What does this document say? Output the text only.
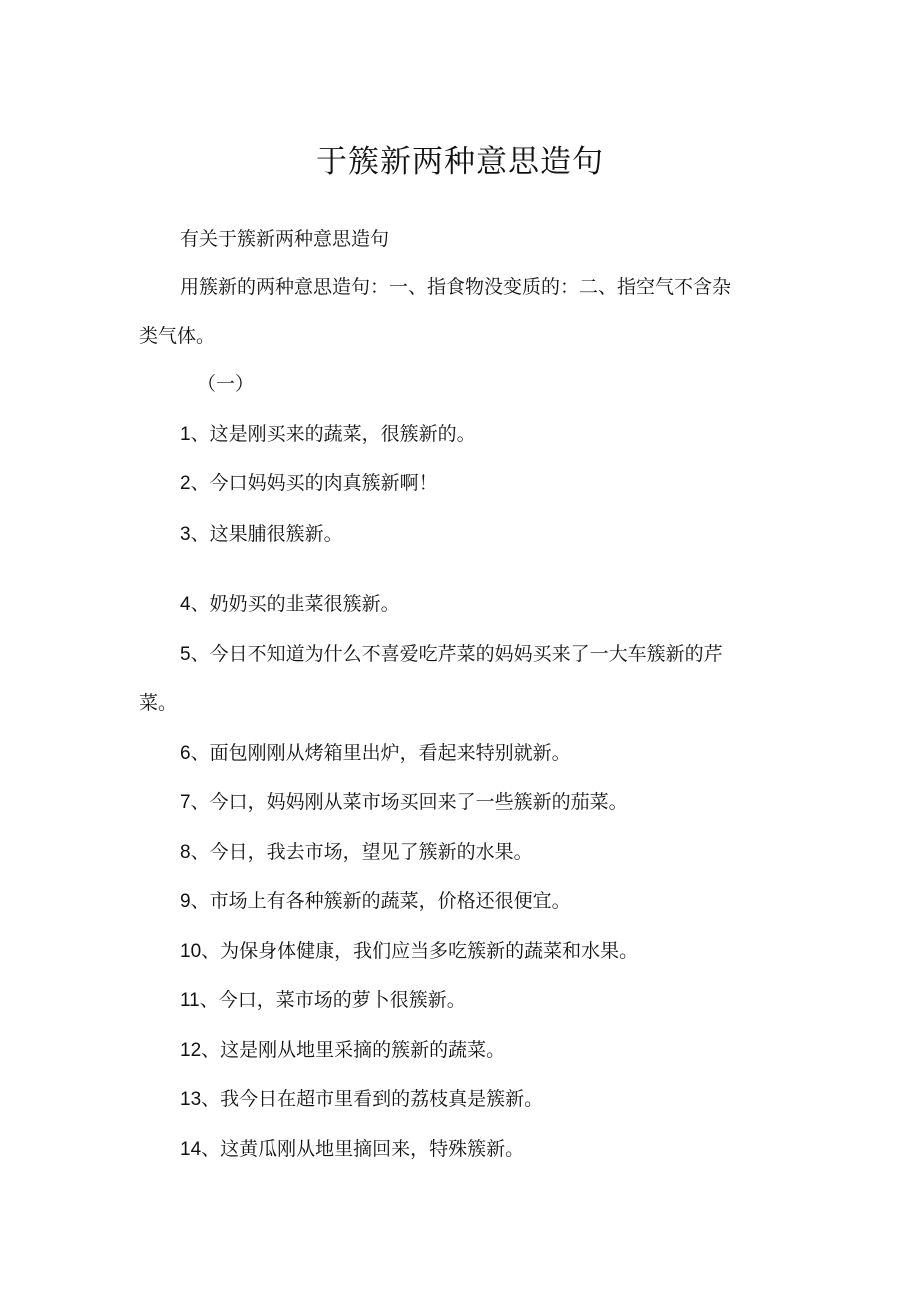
于簇新两种意思造句
有关于簇新两种意思造句
用簇新的两种意思造句：一、指食物没变质的：二、指空气不含杂
类气体。
（一）
1、这是刚买来的蔬菜，很簇新的。
2、今口妈妈买的肉真簇新啊！
3、这果脯很簇新。
4、奶奶买的韭菜很簇新。
5、今日不知道为什么不喜爱吃芹菜的妈妈买来了一大车簇新的芹
菜。
6、面包刚刚从烤箱里出炉，看起来特别就新。
7、今口，妈妈刚从菜市场买回来了一些簇新的茄菜。
8、今日，我去市场，望见了簇新的水果。
9、市场上有各种簇新的蔬菜，价格还很便宜。
10、为保身体健康，我们应当多吃簇新的蔬菜和水果。
11、今口，菜市场的萝卜很簇新。
12、这是刚从地里采摘的簇新的蔬菜。
13、我今日在超市里看到的荔枝真是簇新。
14、这黄瓜刚从地里摘回来，特殊簇新。
